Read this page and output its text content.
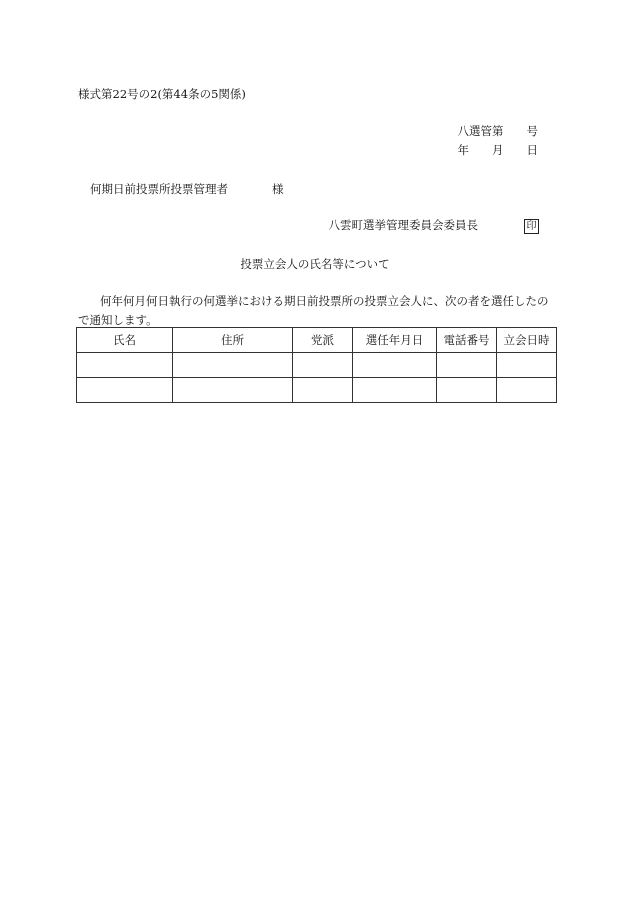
様式第22号の2(第44条の5関係)
八選管第　　号
年　　月　　日
何期日前投票所投票管理者	様
八雲町選挙管理委員会委員長	印
投票立会人の氏名等について
何年何月何日執行の何選挙における期日前投票所の投票立会人に、次の者を選任したので通知します。
氏名	住所	党派	選任年月日	電話番号	立会日時
